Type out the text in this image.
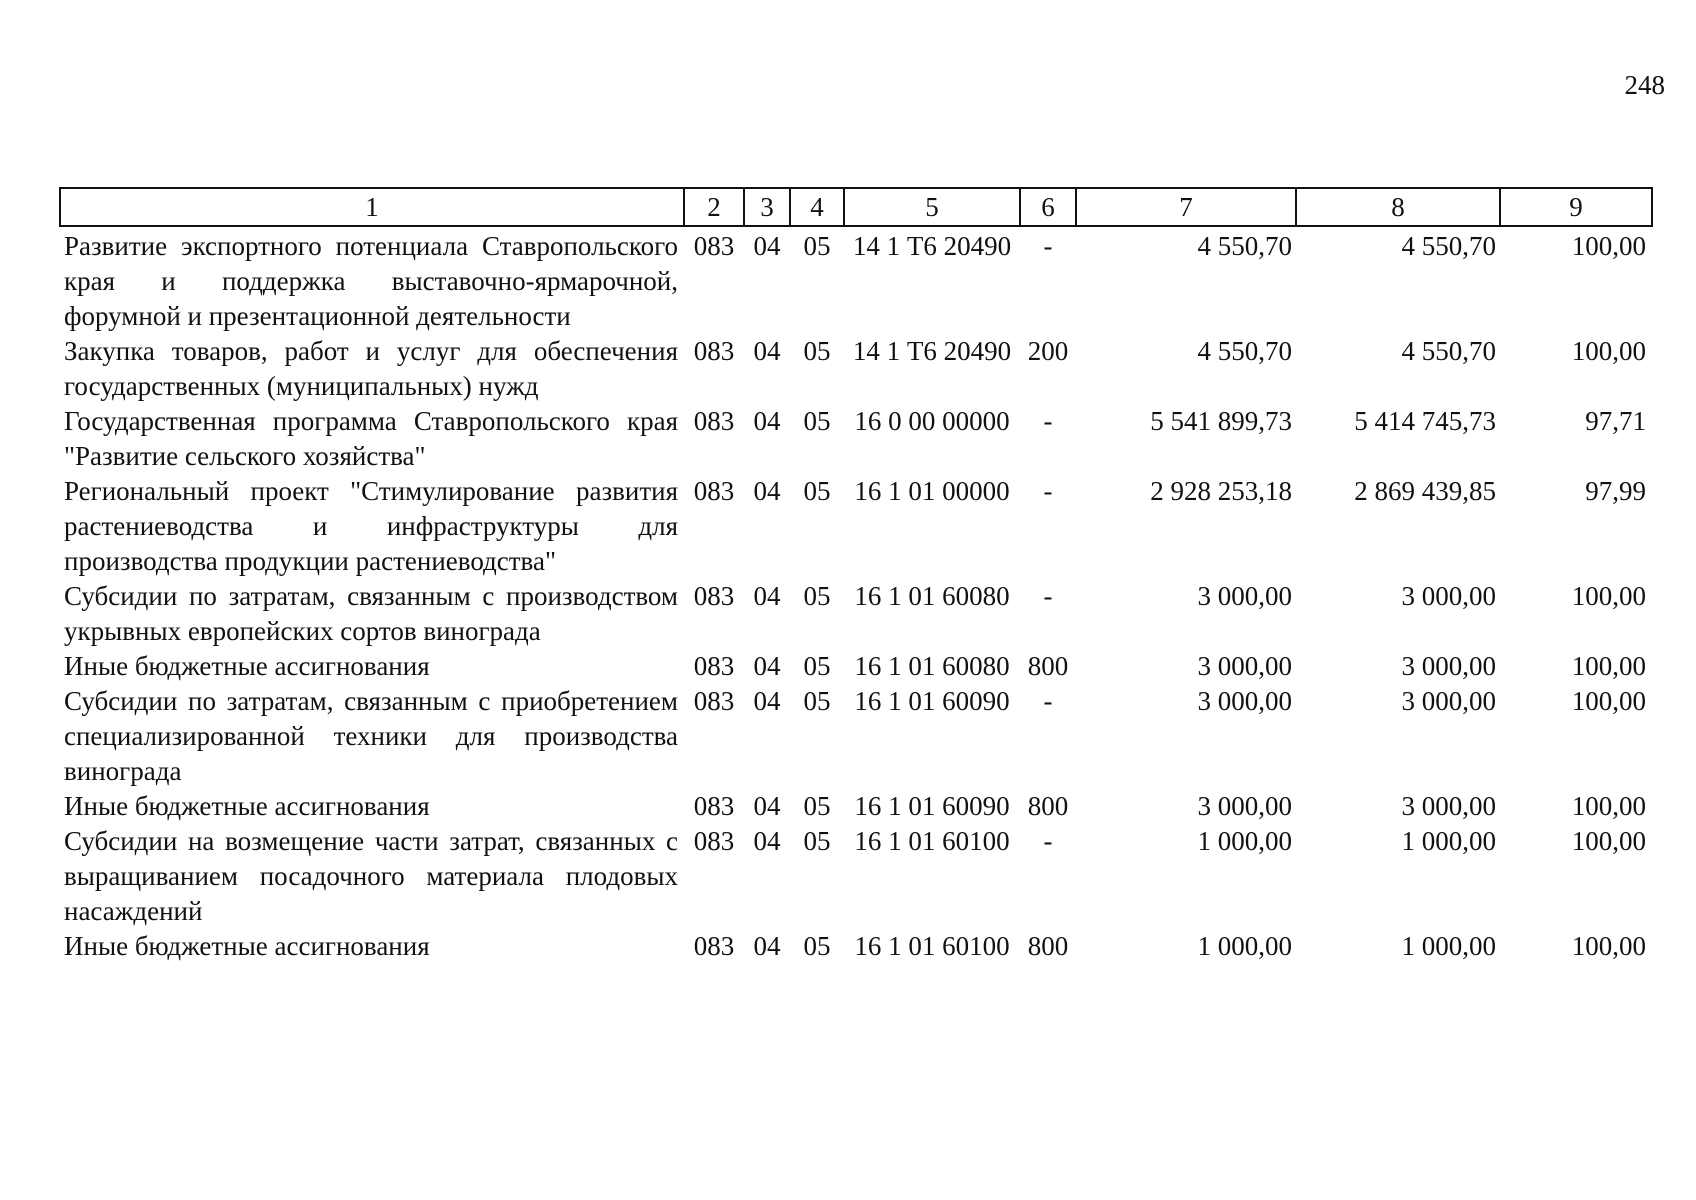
248
1	2	3	4	5	6	7	8	9
Развитие экспортного потенциала Ставропольского края и поддержка выставочно-ярмарочной, форумной и презентационной деятельности	083	04	05	14 1 Т6 20490	-	4 550,70	4 550,70	100,00
Закупка товаров, работ и услуг для обеспечения государственных (муниципальных) нужд	083	04	05	14 1 Т6 20490	200	4 550,70	4 550,70	100,00
Государственная программа Ставропольского края "Развитие сельского хозяйства"	083	04	05	16 0 00 00000	-	5 541 899,73	5 414 745,73	97,71
Региональный проект "Стимулирование развития растениеводства и инфраструктуры для производства продукции растениеводства"	083	04	05	16 1 01 00000	-	2 928 253,18	2 869 439,85	97,99
Субсидии по затратам, связанным с производством укрывных европейских сортов винограда	083	04	05	16 1 01 60080	-	3 000,00	3 000,00	100,00
Иные бюджетные ассигнования	083	04	05	16 1 01 60080	800	3 000,00	3 000,00	100,00
Субсидии по затратам, связанным с приобретением специализированной техники для производства винограда	083	04	05	16 1 01 60090	-	3 000,00	3 000,00	100,00
Иные бюджетные ассигнования	083	04	05	16 1 01 60090	800	3 000,00	3 000,00	100,00
Субсидии на возмещение части затрат, связанных с выращиванием посадочного материала плодовых насаждений	083	04	05	16 1 01 60100	-	1 000,00	1 000,00	100,00
Иные бюджетные ассигнования	083	04	05	16 1 01 60100	800	1 000,00	1 000,00	100,00
